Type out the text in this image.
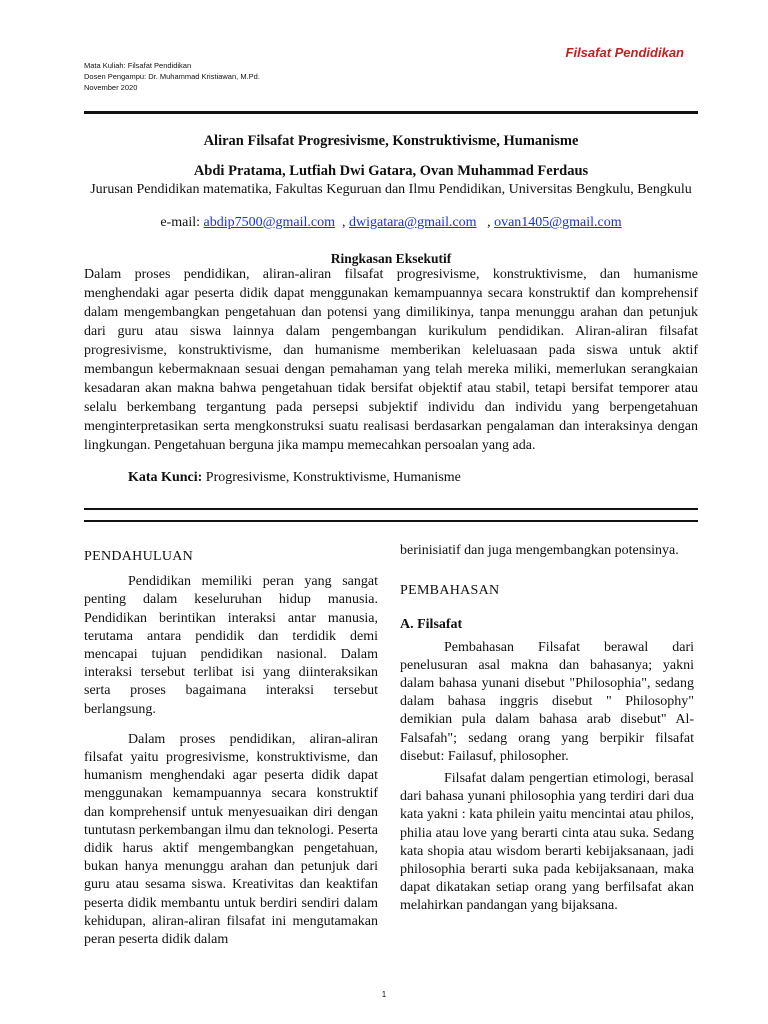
Filsafat Pendidikan
Mata Kuliah: Filsafat Pendidikan
Dosen Pengampu: Dr. Muhammad Kristiawan, M.Pd.
November 2020
Aliran Filsafat Progresivisme, Konstruktivisme, Humanisme
Abdi Pratama, Lutfiah Dwi Gatara, Ovan Muhammad Ferdaus
Jurusan Pendidikan matematika, Fakultas Keguruan dan Ilmu Pendidikan, Universitas Bengkulu, Bengkulu
e-mail: abdip7500@gmail.com  , dwigatara@gmail.com   , ovan1405@gmail.com
Ringkasan Eksekutif

Dalam proses pendidikan, aliran-aliran filsafat progresivisme, konstruktivisme, dan humanisme menghendaki agar peserta didik dapat menggunakan kemampuannya secara konstruktif dan komprehensif dalam mengembangkan pengetahuan dan potensi yang dimilikinya, tanpa menunggu arahan dan petunjuk dari guru atau siswa lainnya dalam pengembangan kurikulum pendidikan. Aliran-aliran filsafat progresivisme, konstruktivisme, dan humanisme memberikan keleluasaan pada siswa untuk aktif membangun kebermaknaan sesuai dengan pemahaman yang telah mereka miliki, memerlukan serangkaian kesadaran akan makna bahwa pengetahuan tidak bersifat objektif atau stabil, tetapi bersifat temporer atau selalu berkembang tergantung pada persepsi subjektif individu dan individu yang berpengetahuan menginterpretasikan serta mengkonstruksi suatu realisasi berdasarkan pengalaman dan interaksinya dengan lingkungan. Pengetahuan berguna jika mampu memecahkan persoalan yang ada.

Kata Kunci: Progresivisme, Konstruktivisme, Humanisme
PENDAHULUAN

Pendidikan memiliki peran yang sangat penting dalam keseluruhan hidup manusia. Pendidikan berintikan interaksi antar manusia, terutama antara pendidik dan terdidik demi mencapai tujuan pendidikan nasional. Dalam interaksi tersebut terlibat isi yang diinteraksikan serta proses bagaimana interaksi tersebut berlangsung.

Dalam proses pendidikan, aliran-aliran filsafat yaitu progresivisme, konstruktivisme, dan humanism menghendaki agar peserta didik dapat menggunakan kemampuannya secara konstruktif dan komprehensif untuk menyesuaikan diri dengan tuntutasn perkembangan ilmu dan teknologi. Peserta didik harus aktif mengembangkan pengetahuan, bukan hanya menunggu arahan dan petunjuk dari guru atau sesama siswa. Kreativitas dan keaktifan peserta didik membantu untuk berdiri sendiri dalam kehidupan, aliran-aliran filsafat ini mengutamakan peran peserta didik dalam

berinisiatif dan juga mengembangkan potensinya.

PEMBAHASAN

A. Filsafat

Pembahasan Filsafat berawal dari penelusuran asal makna dan bahasanya; yakni dalam bahasa yunani disebut "Philosophia", sedang dalam bahasa inggris disebut " Philosophy" demikian pula dalam bahasa arab disebut" Al-Falsafah"; sedang orang yang berpikir filsafat disebut: Failasuf, philosopher.

Filsafat dalam pengertian etimologi, berasal dari bahasa yunani philosophia yang terdiri dari dua kata yakni : kata philein yaitu mencintai atau philos, philia atau love yang berarti cinta atau suka. Sedang kata shopia atau wisdom berarti kebijaksanaan, jadi philosophia berarti suka pada kebijaksanaan, maka dapat dikatakan setiap orang yang berfilsafat akan melahirkan pandangan yang bijaksana.

1
